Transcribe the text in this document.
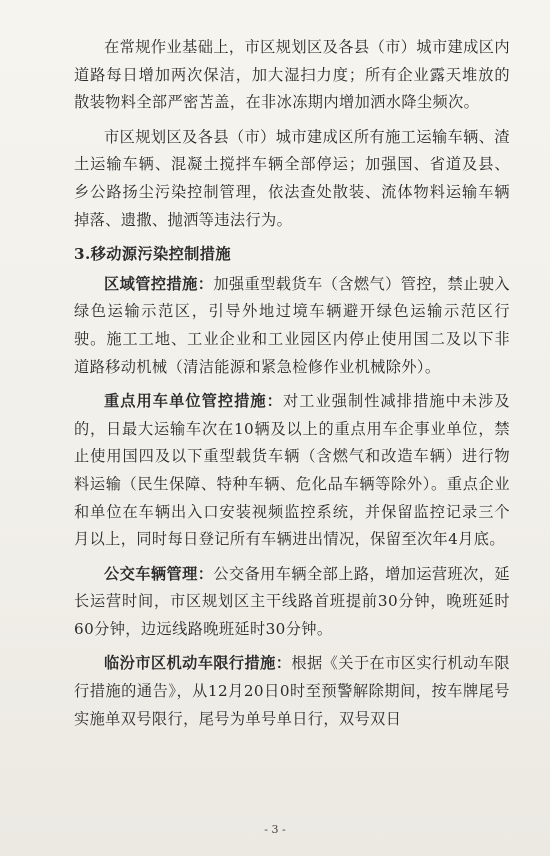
在常规作业基础上，市区规划区及各县（市）城市建成区内道路每日增加两次保洁，加大湿扫力度；所有企业露天堆放的散装物料全部严密苫盖，在非冰冻期内增加洒水降尘频次。

市区规划区及各县（市）城市建成区所有施工运输车辆、渣土运输车辆、混凝土搅拌车辆全部停运；加强国、省道及县、乡公路扬尘污染控制管理，依法查处散装、流体物料运输车辆掉落、遗撒、抛洒等违法行为。

3.移动源污染控制措施

区域管控措施：加强重型载货车（含燃气）管控，禁止驶入绿色运输示范区，引导外地过境车辆避开绿色运输示范区行驶。施工工地、工业企业和工业园区内停止使用国二及以下非道路移动机械（清洁能源和紧急检修作业机械除外）。

重点用车单位管控措施：对工业强制性减排措施中未涉及的，日最大运输车次在10辆及以上的重点用车企事业单位，禁止使用国四及以下重型载货车辆（含燃气和改造车辆）进行物料运输（民生保障、特种车辆、危化品车辆等除外）。重点企业和单位在车辆出入口安装视频监控系统，并保留监控记录三个月以上，同时每日登记所有车辆进出情况，保留至次年4月底。

公交车辆管理：公交备用车辆全部上路，增加运营班次，延长运营时间，市区规划区主干线路首班提前30分钟，晚班延时60分钟，边远线路晚班延时30分钟。

临汾市区机动车限行措施：根据《关于在市区实行机动车限行措施的通告》，从12月20日0时至预警解除期间，按车牌尾号实施单双号限行，尾号为单号单日行，双号双日

- 3 -
